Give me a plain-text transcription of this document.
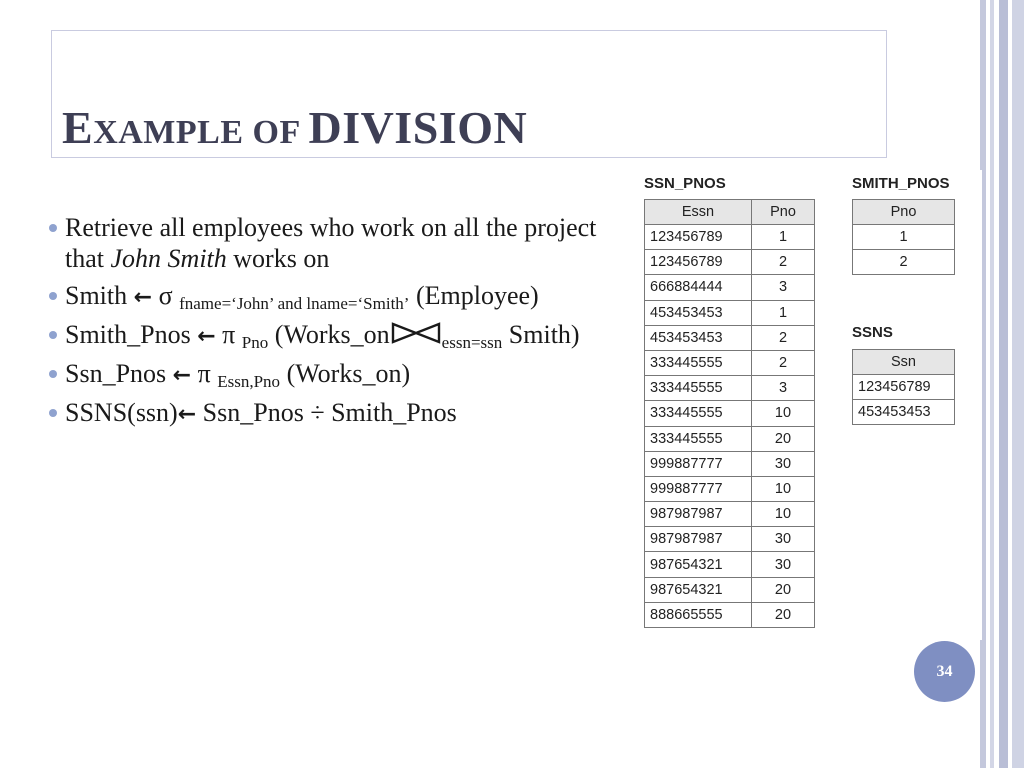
EXAMPLE OF DIVISION
Retrieve all employees who work on all the project that John Smith works on
Smith ← σ $_{fname=‘John’ and lname=‘Smith’}$ (Employee)
Smith_Pnos ← π $_{Pno}$ (Works_on	$_{essn=ssn}$ Smith)
Ssn_Pnos ← π $_{Essn,Pno}$ (Works_on)
SSNS(ssn)← Ssn_Pnos ÷ Smith_Pnos

SSN_PNOS

Essn	Pno
123456789	1
123456789	2
666884444	3
453453453	1
453453453	2
333445555	2
333445555	3
333445555	10
333445555	20
999887777	30
999887777	10
987987987	10
987987987	30
987654321	30
987654321	20
888665555	20

SMITH_PNOS

Pno
1
2

SSNS

Ssn
123456789
453453453
34
